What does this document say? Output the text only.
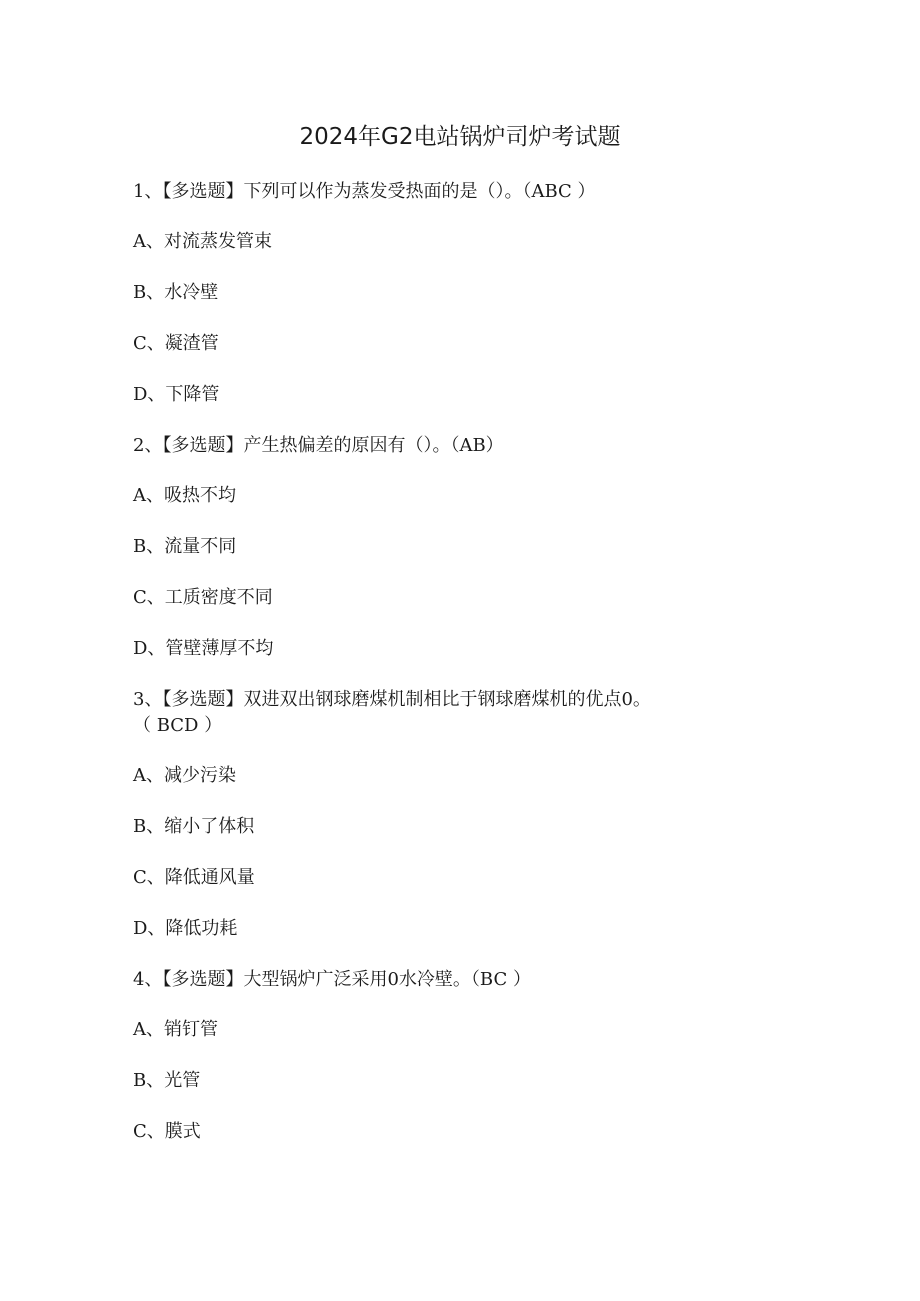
2024年G2电站锅炉司炉考试题
1、【多选题】下列可以作为蒸发受热面的是（）。（ABC ）
A、对流蒸发管束
B、水冷壁
C、凝渣管
D、下降管
2、【多选题】产生热偏差的原因有（）。（AB）
A、吸热不均
B、流量不同
C、工质密度不同
D、管壁薄厚不均
3、【多选题】双进双出钢球磨煤机制相比于钢球磨煤机的优点0。
（ BCD ）
A、减少污染
B、缩小了体积
C、降低通风量
D、降低功耗
4、【多选题】大型锅炉广泛采用0水冷壁。（BC ）
A、销钉管
B、光管
C、膜式
